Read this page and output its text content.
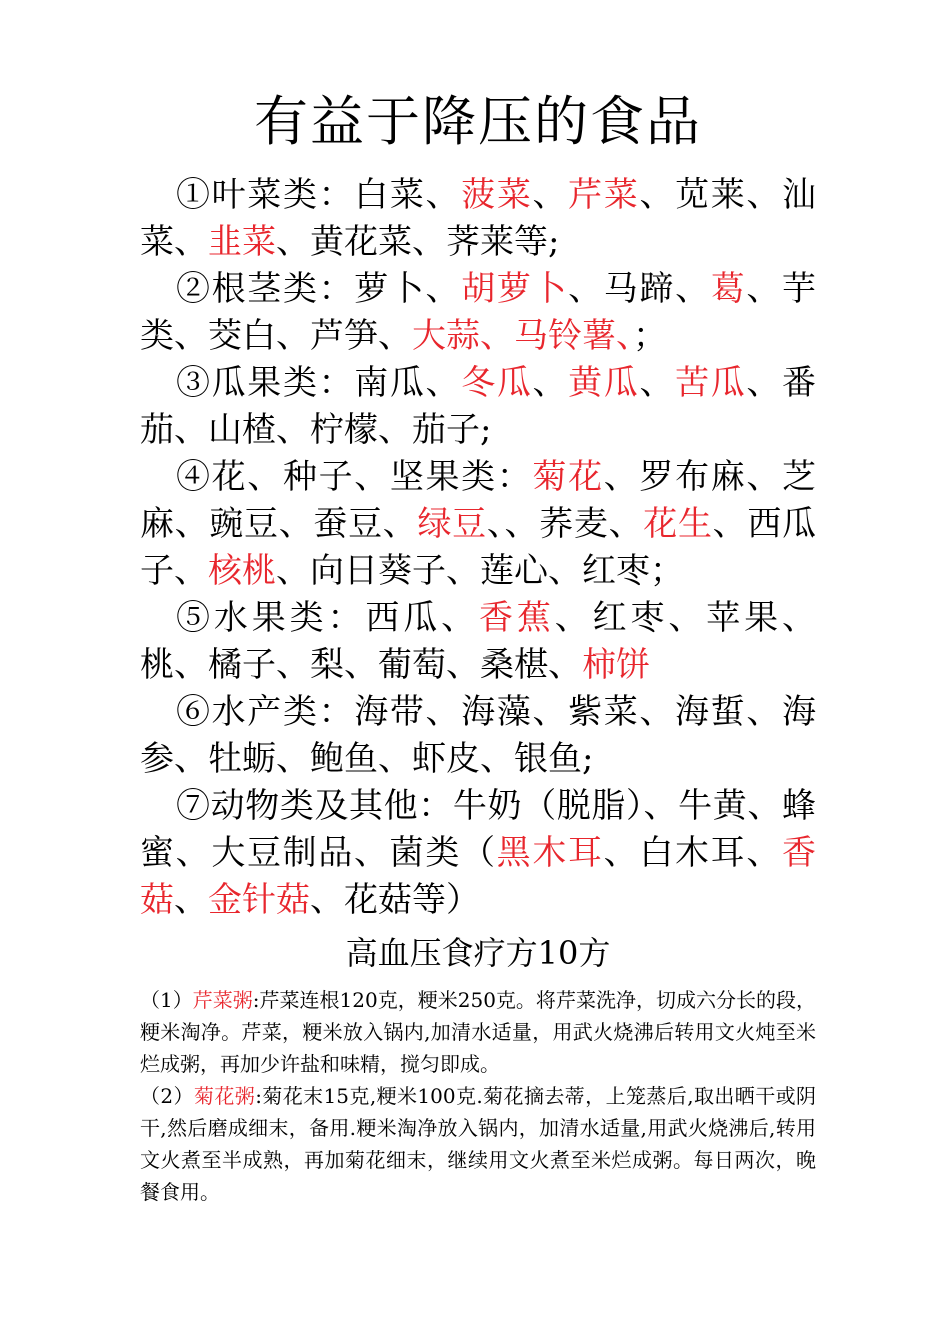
有益于降压的食品

①叶菜类：白菜、菠菜、芹菜、苋莱、汕菜、韭菜、黄花菜、荠莱等;

②根茎类：萝卜、胡萝卜、马蹄、葛、芋类、茭白、芦笋、大蒜、马铃薯、；

③瓜果类：南瓜、冬瓜、黄瓜、苦瓜、番茄、山楂、柠檬、茄子;

④花、种子、坚果类：菊花、罗布麻、芝麻、豌豆、蚕豆、绿豆、、荞麦、花生、西瓜子、核桃、向日葵子、莲心、红枣；

⑤水果类：西瓜、香蕉、红枣、苹果、桃、橘子、梨、葡萄、桑椹、柿饼

⑥水产类：海带、海藻、紫菜、海蜇、海参、牡蛎、鲍鱼、虾皮、银鱼;

⑦动物类及其他：牛奶（脱脂）、牛黄、蜂蜜、大豆制品、菌类（黑木耳、白木耳、香菇、金针菇、花菇等）

高血压食疗方10方

（1）芹菜粥:芹菜连根120克，粳米250克。将芹菜洗净，切成六分长的段，粳米淘净。芹菜，粳米放入锅内,加清水适量，用武火烧沸后转用文火炖至米烂成粥，再加少许盐和味精，搅匀即成。

（2）菊花粥:菊花末15克,粳米100克.菊花摘去蒂，上笼蒸后,取出晒干或阴干,然后磨成细末，备用.粳米淘净放入锅内，加清水适量,用武火烧沸后,转用文火煮至半成熟，再加菊花细末，继续用文火煮至米烂成粥。每日两次，晚餐食用。
